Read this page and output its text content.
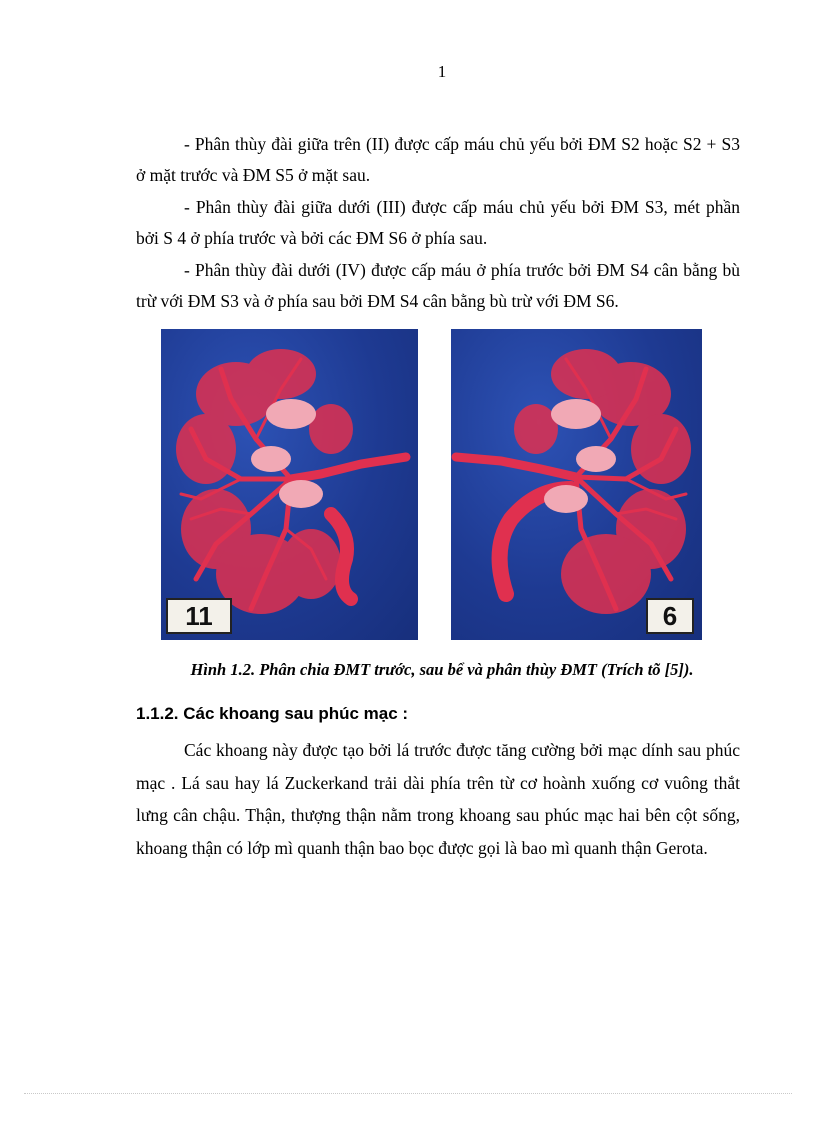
1

- Phân thùy đài giữa trên (II) được cấp máu chủ yếu bởi ĐM S2 hoặc S2 + S3 ở mặt trước và ĐM S5 ở mặt sau.

- Phân thùy đài giữa dưới (III) được cấp máu chủ yếu bởi ĐM S3, mét phần bởi S 4 ở phía trước và bởi các ĐM S6 ở phía sau.

- Phân thùy đài dưới (IV) được cấp máu ở phía trước bởi ĐM S4 cân bằng bù trừ với ĐM S3 và ở phía sau bởi ĐM S4 cân bằng bù trừ với ĐM S6.

11	6

Hình 1.2. Phân chia ĐMT trước, sau bể và phân thùy ĐMT (Trích tõ [5]).

1.1.2. Các khoang sau phúc mạc :

Các khoang này được tạo bởi lá trước được tăng cường bởi mạc dính sau phúc mạc . Lá sau hay lá Zuckerkand trải dài phía trên từ cơ hoành xuống cơ vuông thắt lưng cân chậu. Thận, thượng thận nằm trong khoang sau phúc mạc hai bên cột sống, khoang thận có lớp mì quanh thận bao bọc được gọi là bao mì quanh thận Gerota.
